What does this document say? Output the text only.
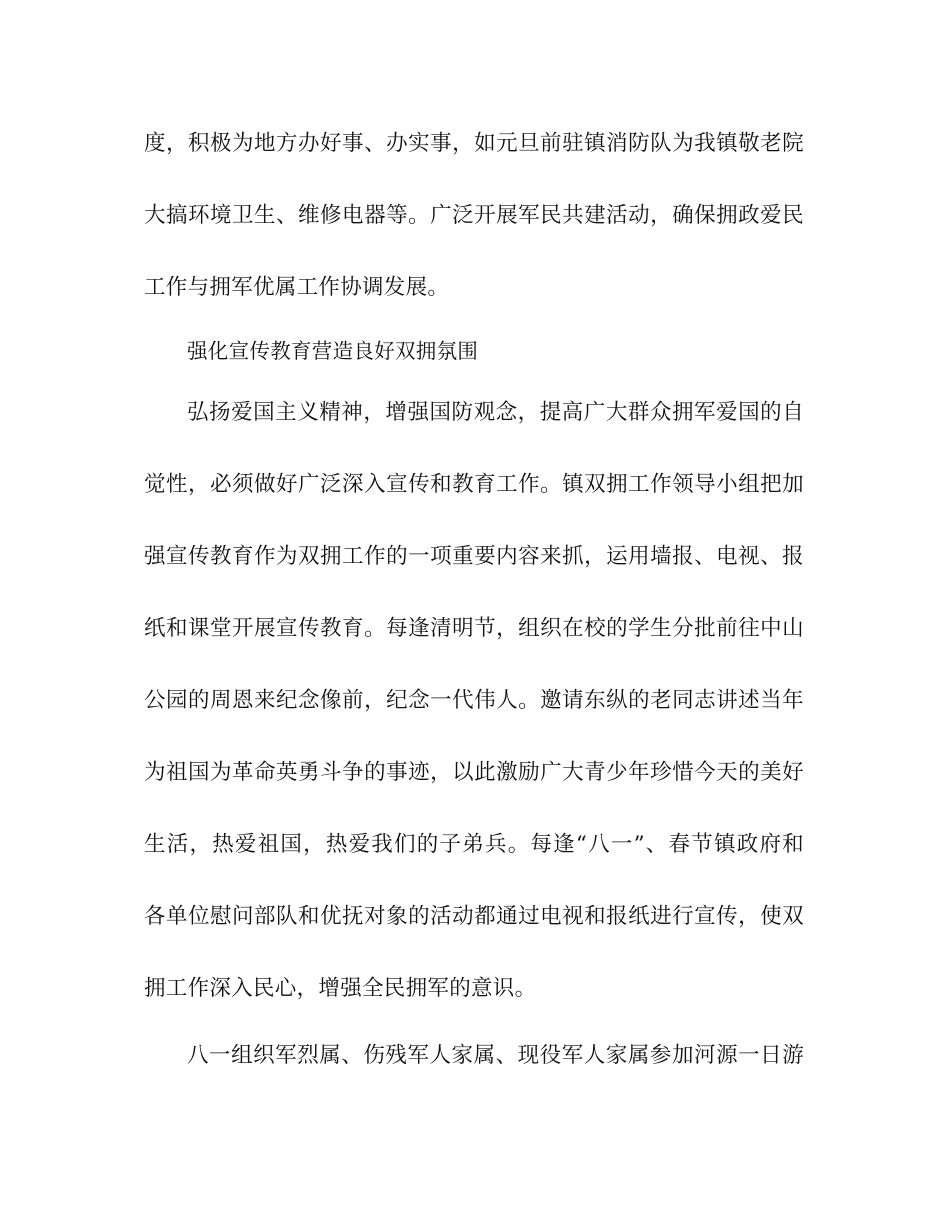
度，积极为地方办好事、办实事，如元旦前驻镇消防队为我镇敬老院
大搞环境卫生、维修电器等。广泛开展军民共建活动，确保拥政爱民
工作与拥军优属工作协调发展。
强化宣传教育营造良好双拥氛围
弘扬爱国主义精神，增强国防观念，提高广大群众拥军爱国的自
觉性，必须做好广泛深入宣传和教育工作。镇双拥工作领导小组把加
强宣传教育作为双拥工作的一项重要内容来抓，运用墙报、电视、报
纸和课堂开展宣传教育。每逢清明节，组织在校的学生分批前往中山
公园的周恩来纪念像前，纪念一代伟人。邀请东纵的老同志讲述当年
为祖国为革命英勇斗争的事迹，以此激励广大青少年珍惜今天的美好
生活，热爱祖国，热爱我们的子弟兵。每逢“八一”、春节镇政府和
各单位慰问部队和优抚对象的活动都通过电视和报纸进行宣传，使双
拥工作深入民心，增强全民拥军的意识。
八一组织军烈属、伤残军人家属、现役军人家属参加河源一日游
